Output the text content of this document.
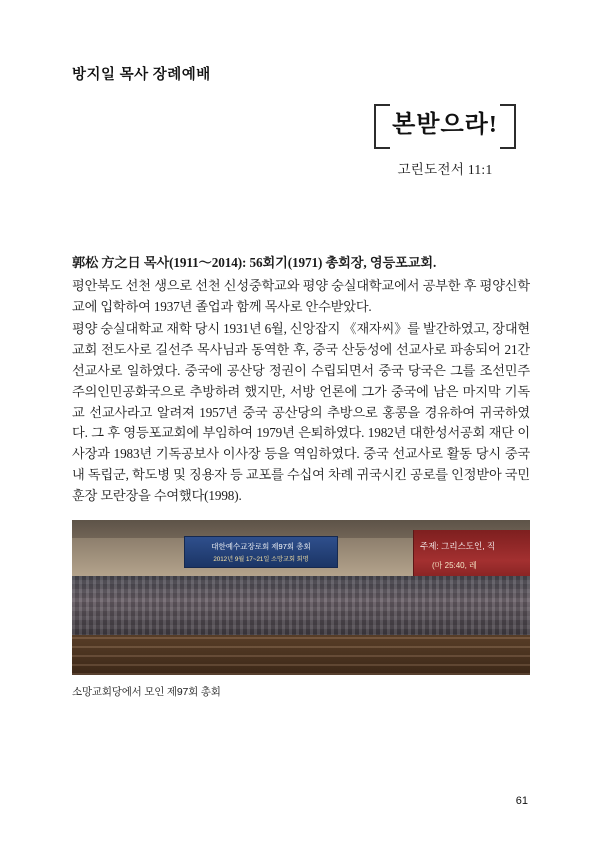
방지일 목사 장례예배
본받으라!
고린도전서 11:1

郭松 方之日 목사(1911〜2014): 56회기(1971) 총회장, 영등포교회.

평안북도 선천 생으로 선천 신성중학교와 평양 숭실대학교에서 공부한 후 평양신학교에 입학하여 1937년 졸업과 함께 목사로 안수받았다.

평양 숭실대학교 재학 당시 1931년 6월, 신앙잡지 《재자씨》를 발간하였고, 장대현교회 전도사로 길선주 목사님과 동역한 후, 중국 산둥성에 선교사로 파송되어 21간 선교사로 일하였다. 중국에 공산당 정권이 수립되면서 중국 당국은 그를 조선민주주의인민공화국으로 추방하려 했지만, 서방 언론에 그가 중국에 남은 마지막 기독교 선교사라고 알려져 1957년 중국 공산당의 추방으로 홍콩을 경유하여 귀국하였다. 그 후 영등포교회에 부임하여 1979년 은퇴하였다. 1982년 대한성서공회 재단 이사장과 1983년 기독공보사 이사장 등을 역임하였다. 중국 선교사로 활동 당시 중국 내 독립군, 학도병 및 징용자 등 교포를 수십여 차례 귀국시킨 공로를 인정받아 국민훈장 모란장을 수여했다(1998).

대한예수교장로회 제97회 총회
2012년 9월 17~21일 소망교회 회명
주제: 그리스도인, 직
(마 25:40, 레
소망교회당에서 모인 제97회 총회
61
